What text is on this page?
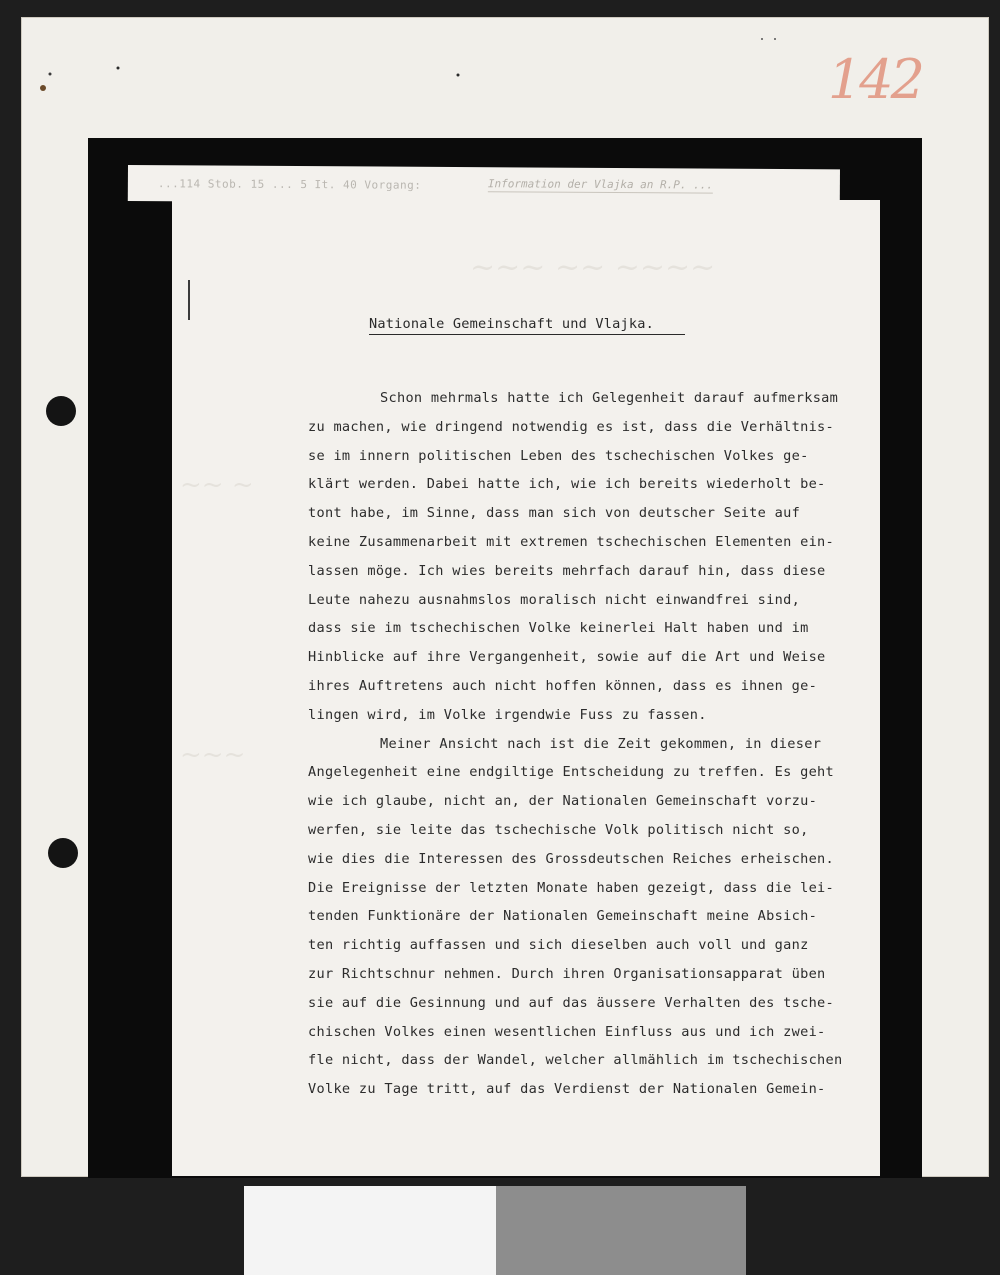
142
...114 Stob. 15 ... 5 It. 40 Vorgang:	Information der Vlajka an R.P. ...
~~~ ~~ ~~~~
~~ ~
~~~
Nationale Gemeinschaft und Vlajka.
Schon mehrmals hatte ich Gelegenheit darauf aufmerksam
zu machen, wie dringend notwendig es ist, dass die Verhältnis-
se im innern politischen Leben des tschechischen Volkes ge-
klärt werden. Dabei hatte ich, wie ich bereits wiederholt be-
tont habe, im Sinne, dass man sich von deutscher Seite auf
keine Zusammenarbeit mit extremen tschechischen Elementen ein-
lassen möge. Ich wies bereits mehrfach darauf hin, dass diese
Leute nahezu ausnahmslos moralisch nicht einwandfrei sind,
dass sie im tschechischen Volke keinerlei Halt haben und im
Hinblicke auf ihre Vergangenheit, sowie auf die Art und Weise
ihres Auftretens auch nicht hoffen können, dass es ihnen ge-
lingen wird, im Volke irgendwie Fuss zu fassen.
Meiner Ansicht nach ist die Zeit gekommen, in dieser
Angelegenheit eine endgiltige Entscheidung zu treffen. Es geht
wie ich glaube, nicht an, der Nationalen Gemeinschaft vorzu-
werfen, sie leite das tschechische Volk politisch nicht so,
wie dies die Interessen des Grossdeutschen Reiches erheischen.
Die Ereignisse der letzten Monate haben gezeigt, dass die lei-
tenden Funktionäre der Nationalen Gemeinschaft meine Absich-
ten richtig auffassen und sich dieselben auch voll und ganz
zur Richtschnur nehmen. Durch ihren Organisationsapparat üben
sie auf die Gesinnung und auf das äussere Verhalten des tsche-
chischen Volkes einen wesentlichen Einfluss aus und ich zwei-
fle nicht, dass der Wandel, welcher allmählich im tschechischen
Volke zu Tage tritt, auf das Verdienst der Nationalen Gemein-
